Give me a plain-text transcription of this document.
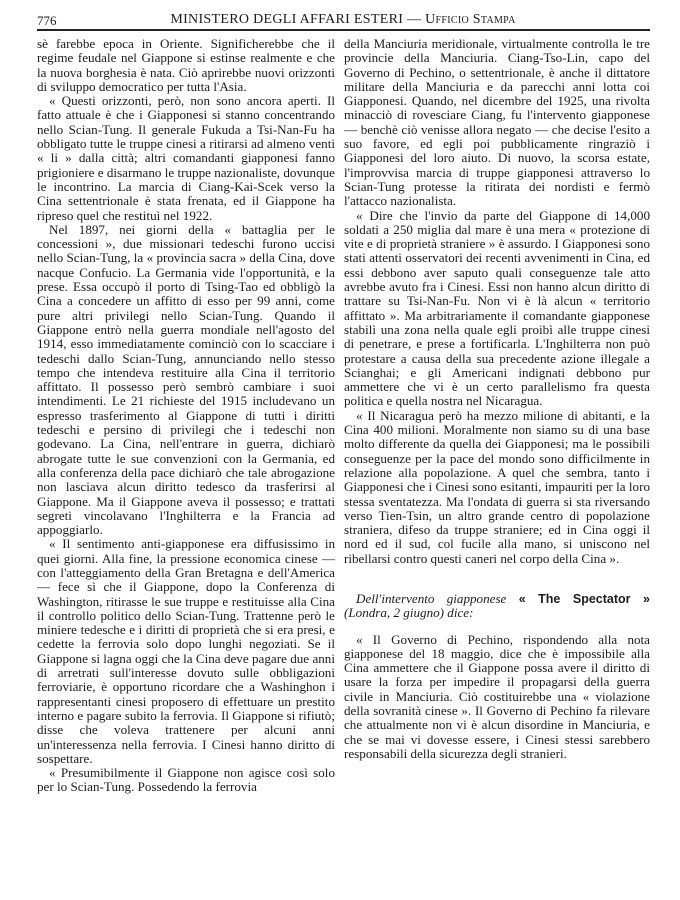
776	MINISTERO DEGLI AFFARI ESTERI — Ufficio Stampa

sè farebbe epoca in Oriente. Significherebbe che il regime feudale nel Giappone si estinse realmente e che la nuova borghesia è nata. Ciò aprirebbe nuovi orizzonti di sviluppo democratico per tutta l'Asia.

« Questi orizzonti, però, non sono ancora aperti. Il fatto attuale è che i Giapponesi si stanno concentrando nello Scian-Tung. Il generale Fukuda a Tsi-Nan-Fu ha obbligato tutte le truppe cinesi a ritirarsi ad almeno venti « li » dalla città; altri comandanti giapponesi fanno prigioniere e disarmano le truppe nazionaliste, dovunque le incontrino. La marcia di Ciang-Kai-Scek verso la Cina settentrionale è stata frenata, ed il Giappone ha ripreso quel che restituì nel 1922.

Nel 1897, nei giorni della « battaglia per le concessioni », due missionari tedeschi furono uccisi nello Scian-Tung, la « provincia sacra » della Cina, dove nacque Confucio. La Germania vide l'opportunità, e la prese. Essa occupò il porto di Tsing-Tao ed obbligò la Cina a concedere un affitto di esso per 99 anni, come pure altri privilegi nello Scian-Tung. Quando il Giappone entrò nella guerra mondiale nell'agosto del 1914, esso immediatamente cominciò con lo scacciare i tedeschi dallo Scian-Tung, annunciando nello stesso tempo che intendeva restituire alla Cina il territorio affittato. Il possesso però sembrò cambiare i suoi intendimenti. Le 21 richieste del 1915 includevano un espresso trasferimento al Giappone di tutti i diritti tedeschi e persino di privilegi che i tedeschi non godevano. La Cina, nell'entrare in guerra, dichiarò abrogate tutte le sue convenzioni con la Germania, ed alla conferenza della pace dichiarò che tale abrogazione non lasciava alcun diritto tedesco da trasferirsi al Giappone. Ma il Giappone aveva il possesso; e trattati segreti vincolavano l'Inghilterra e la Francia ad appoggiarlo.

« Il sentimento anti-giapponese era diffusissimo in quei giorni. Alla fine, la pressione economica cinese — con l'atteggiamento della Gran Bretagna e dell'America — fece sì che il Giappone, dopo la Conferenza di Washington, ritirasse le sue truppe e restituisse alla Cina il controllo politico dello Scian-Tung. Trattenne però le miniere tedesche e i diritti di proprietà che si era presi, e cedette la ferrovia solo dopo lunghi negoziati. Se il Giappone si lagna oggi che la Cina deve pagare due anni di arretrati sull'interesse dovuto sulle obbligazioni ferroviarie, è opportuno ricordare che a Washinghon i rappresentanti cinesi proposero di effettuare un prestito interno e pagare subito la ferrovia. Il Giappone si rifiutò; disse che voleva trattenere per alcuni anni un'interessenza nella ferrovia. I Cinesi hanno diritto di sospettare.

« Presumibilmente il Giappone non agisce così solo per lo Scian-Tung. Possedendo la ferrovia

della Manciuria meridionale, virtualmente controlla le tre provincie della Manciuria. Ciang-Tso-Lin, capo del Governo di Pechino, o settentrionale, è anche il dittatore militare della Manciuria e da parecchi anni lotta coi Giapponesi. Quando, nel dicembre del 1925, una rivolta minacciò di rovesciare Ciang, fu l'intervento giapponese — benchè ciò venisse allora negato — che decise l'esito a suo favore, ed egli poi pubblicamente ringraziò i Giapponesi del loro aiuto. Di nuovo, la scorsa estate, l'improvvisa marcia di truppe giapponesi attraverso lo Scian-Tung protesse la ritirata dei nordisti e fermò l'attacco nazionalista.

« Dire che l'invio da parte del Giappone di 14,000 soldati a 250 miglia dal mare è una mera « protezione di vite e di proprietà straniere » è assurdo. I Giapponesi sono stati attenti osservatori dei recenti avvenimenti in Cina, ed essi debbono aver saputo quali conseguenze tale atto avrebbe avuto fra i Cinesi. Essi non hanno alcun diritto di trattare su Tsi-Nan-Fu. Non vi è là alcun « territorio affittato ». Ma arbitrariamente il comandante giapponese stabilì una zona nella quale egli proibì alle truppe cinesi di penetrare, e prese a fortificarla. L'Inghilterra non può protestare a causa della sua precedente azione illegale a Scianghai; e gli Americani indignati debbono pur ammettere che vi è un certo parallelismo fra questa politica e quella nostra nel Nicaragua.

« Il Nicaragua però ha mezzo milione di abitanti, e la Cina 400 milioni. Moralmente non siamo su di una base molto differente da quella dei Giapponesi; ma le possibili conseguenze per la pace del mondo sono difficilmente in relazione alla popolazione. A quel che sembra, tanto i Giapponesi che i Cinesi sono esitanti, impauriti per la loro stessa sventatezza. Ma l'ondata di guerra si sta riversando verso Tien-Tsin, un altro grande centro di popolazione straniera, difeso da truppe straniere; ed in Cina oggi il nord ed il sud, col fucile alla mano, si uniscono nel ribellarsi contro questi caneri nel corpo della Cina ».

Dell'intervento giapponese « The Spectator » (Londra, 2 giugno) dice:

« Il Governo di Pechino, rispondendo alla nota giapponese del 18 maggio, dice che è impossibile alla Cina ammettere che il Giappone possa avere il diritto di usare la forza per impedire il propagarsi della guerra civile in Manciuria. Ciò costituirebbe una « violazione della sovranità cinese ». Il Governo di Pechino fa rilevare che attualmente non vi è alcun disordine in Manciuria, e che se mai vi dovesse essere, i Cinesi stessi sarebbero responsabili della sicurezza degli stranieri.
